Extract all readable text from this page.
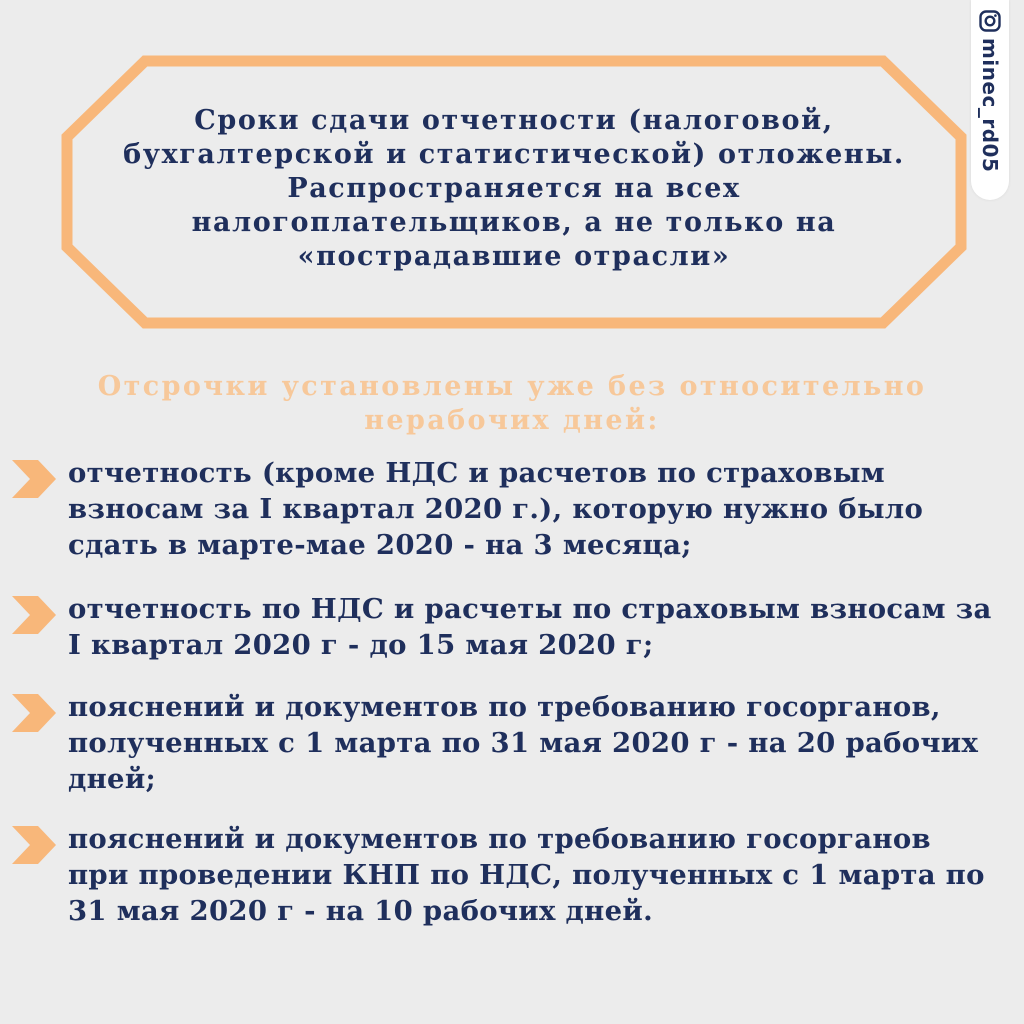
Сроки сдачи отчетности (налоговой,
бухгалтерской и статистической) отложены.
Распространяется на всех
налогоплательщиков, а не только на
«пострадавшие отрасли»
Отсрочки установлены уже без относительно
нерабочих дней:
отчетность (кроме НДС и расчетов по страховым
взносам за I квартал 2020 г.), которую нужно было
сдать в марте-мае 2020 - на 3 месяца;
отчетность по НДС и расчеты по страховым взносам за
I квартал 2020 г - до 15 мая 2020 г;
пояснений и документов по требованию госорганов,
полученных с 1 марта по 31 мая 2020 г - на 20 рабочих
дней;
пояснений и документов по требованию госорганов
при проведении КНП по НДС, полученных с 1 марта по
31 мая 2020 г - на 10 рабочих дней.
minec_rd05
